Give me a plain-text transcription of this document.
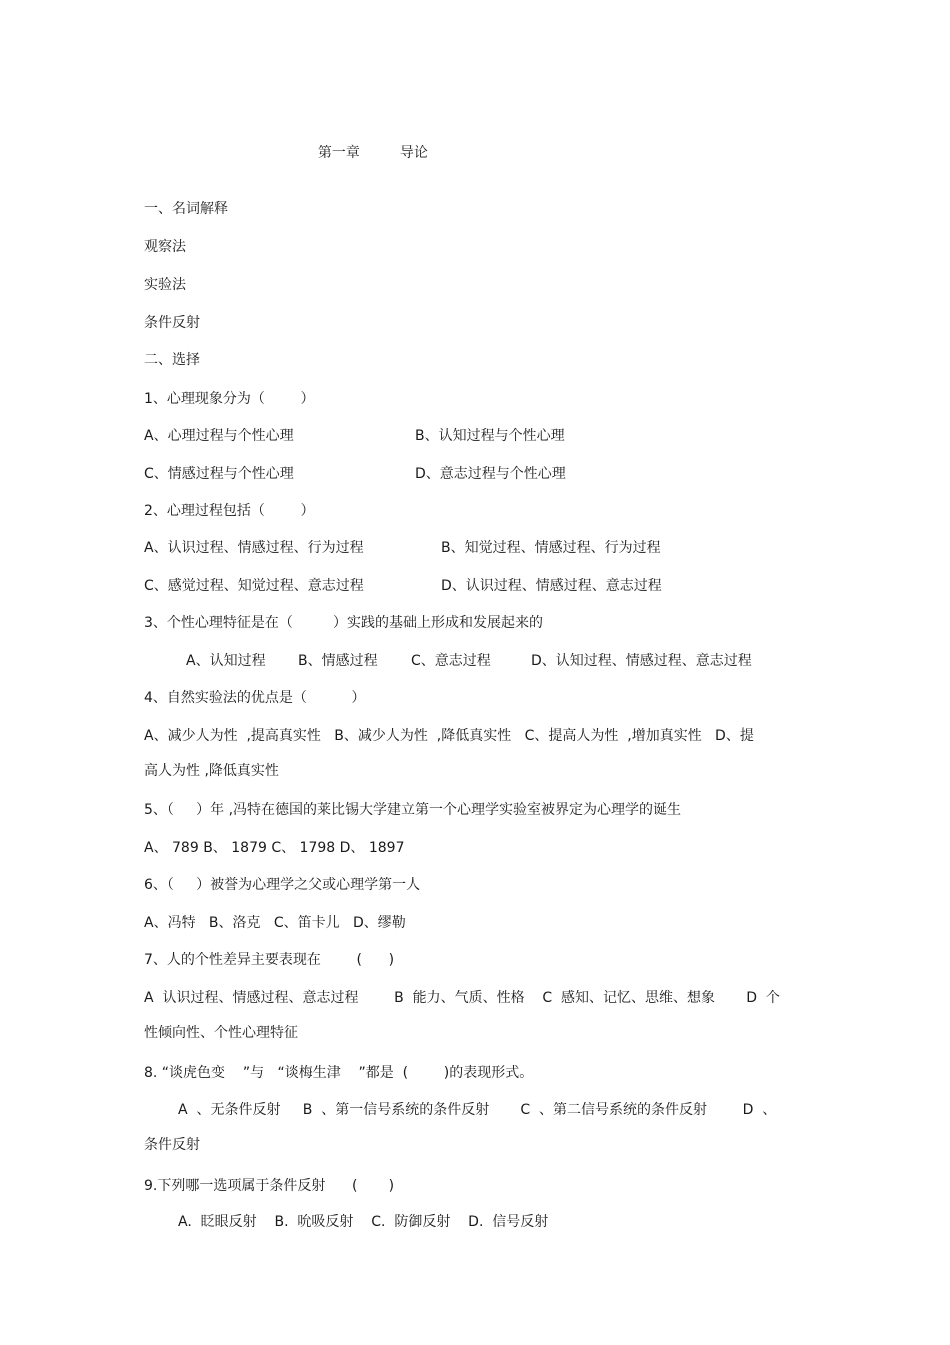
第一章	导论

一、名词解释
观察法
实验法
条件反射
二、选择
1、心理现象分为（        ）
A、心理过程与个性心理	B、认知过程与个性心理
C、情感过程与个性心理	D、意志过程与个性心理
2、心理过程包括（        ）
A、认识过程、情感过程、行为过程	B、知觉过程、情感过程、行为过程
C、感觉过程、知觉过程、意志过程	D、认识过程、情感过程、意志过程
3、个性心理特征是在（         ）实践的基础上形成和发展起来的
A、认知过程 B、情感过程 C、意志过程	D、认知过程、情感过程、意志过程
4、自然实验法的优点是（          ）
A、减少人为性  ,提高真实性   B、减少人为性  ,降低真实性   C、提高人为性  ,增加真实性   D、提
高人为性 ,降低真实性
5、（     ）年 ,冯特在德国的莱比锡大学建立第一个心理学实验室被界定为心理学的诞生
A、 789 B、 1879 C、 1798 D、 1897
6、（     ）被誉为心理学之父或心理学第一人
A、冯特   B、洛克   C、笛卡儿   D、缪勒
7、人的个性差异主要表现在        (      )
A  认识过程、情感过程、意志过程        B  能力、气质、性格    C  感知、记忆、思维、想象       D  个
性倾向性、个性心理特征
8. “谈虎色变    ”与   “谈梅生津    ”都是  (        )的表现形式。
A  、无条件反射     B  、第一信号系统的条件反射       C  、第二信号系统的条件反射        D  、
条件反射
9.下列哪一选项属于条件反射      (       )
A.  眨眼反射    B.  吮吸反射    C.  防御反射    D.  信号反射
